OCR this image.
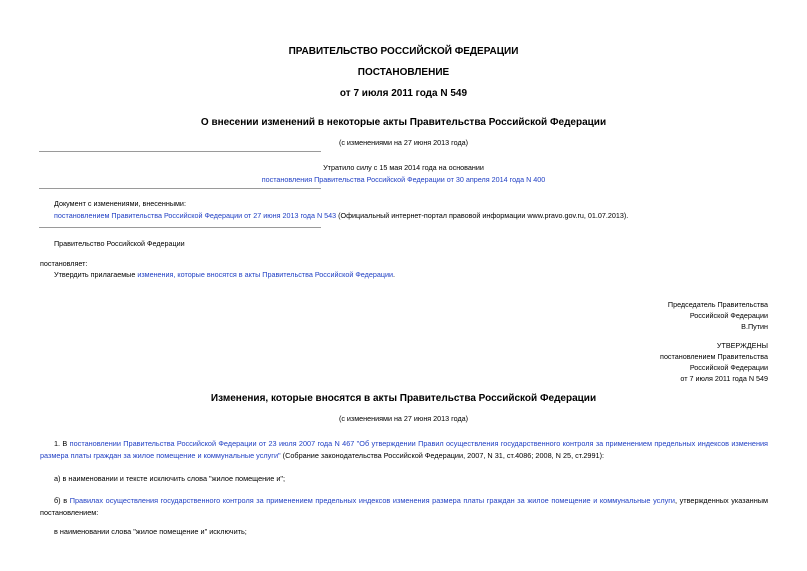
ПРАВИТЕЛЬСТВО РОССИЙСКОЙ ФЕДЕРАЦИИ
ПОСТАНОВЛЕНИЕ
от 7 июля 2011 года N 549
О внесении изменений в некоторые акты Правительства Российской Федерации
(с изменениями на 27 июня 2013 года)
Утратило силу с 15 мая 2014 года на основании
постановления Правительства Российской Федерации от 30 апреля 2014 года N 400
Документ с изменениями, внесенными:
постановлением Правительства Российской Федерации от 27 июня 2013 года N 543 (Официальный интернет-портал правовой информации www.pravo.gov.ru, 01.07.2013).
Правительство Российской Федерации
постановляет:
Утвердить прилагаемые изменения, которые вносятся в акты Правительства Российской Федерации.
Председатель Правительства
Российской Федерации
В.Путин
УТВЕРЖДЕНЫ
постановлением Правительства
Российской Федерации
от 7 июля 2011 года N 549
Изменения, которые вносятся в акты Правительства Российской Федерации
(с изменениями на 27 июня 2013 года)
1. В постановлении Правительства Российской Федерации от 23 июля 2007 года N 467 "Об утверждении Правил осуществления государственного контроля за применением предельных индексов изменения
размера платы граждан за жилое помещение и коммунальные услуги" (Собрание законодательства Российской Федерации, 2007, N 31, ст.4086; 2008, N 25, ст.2991):
а) в наименовании и тексте исключить слова "жилое помещение и";
б) в Правилах осуществления государственного контроля за применением предельных индексов изменения размера платы граждан за жилое помещение и коммунальные услуги, утвержденных указанным
постановлением:
в наименовании слова "жилое помещение и" исключить;
